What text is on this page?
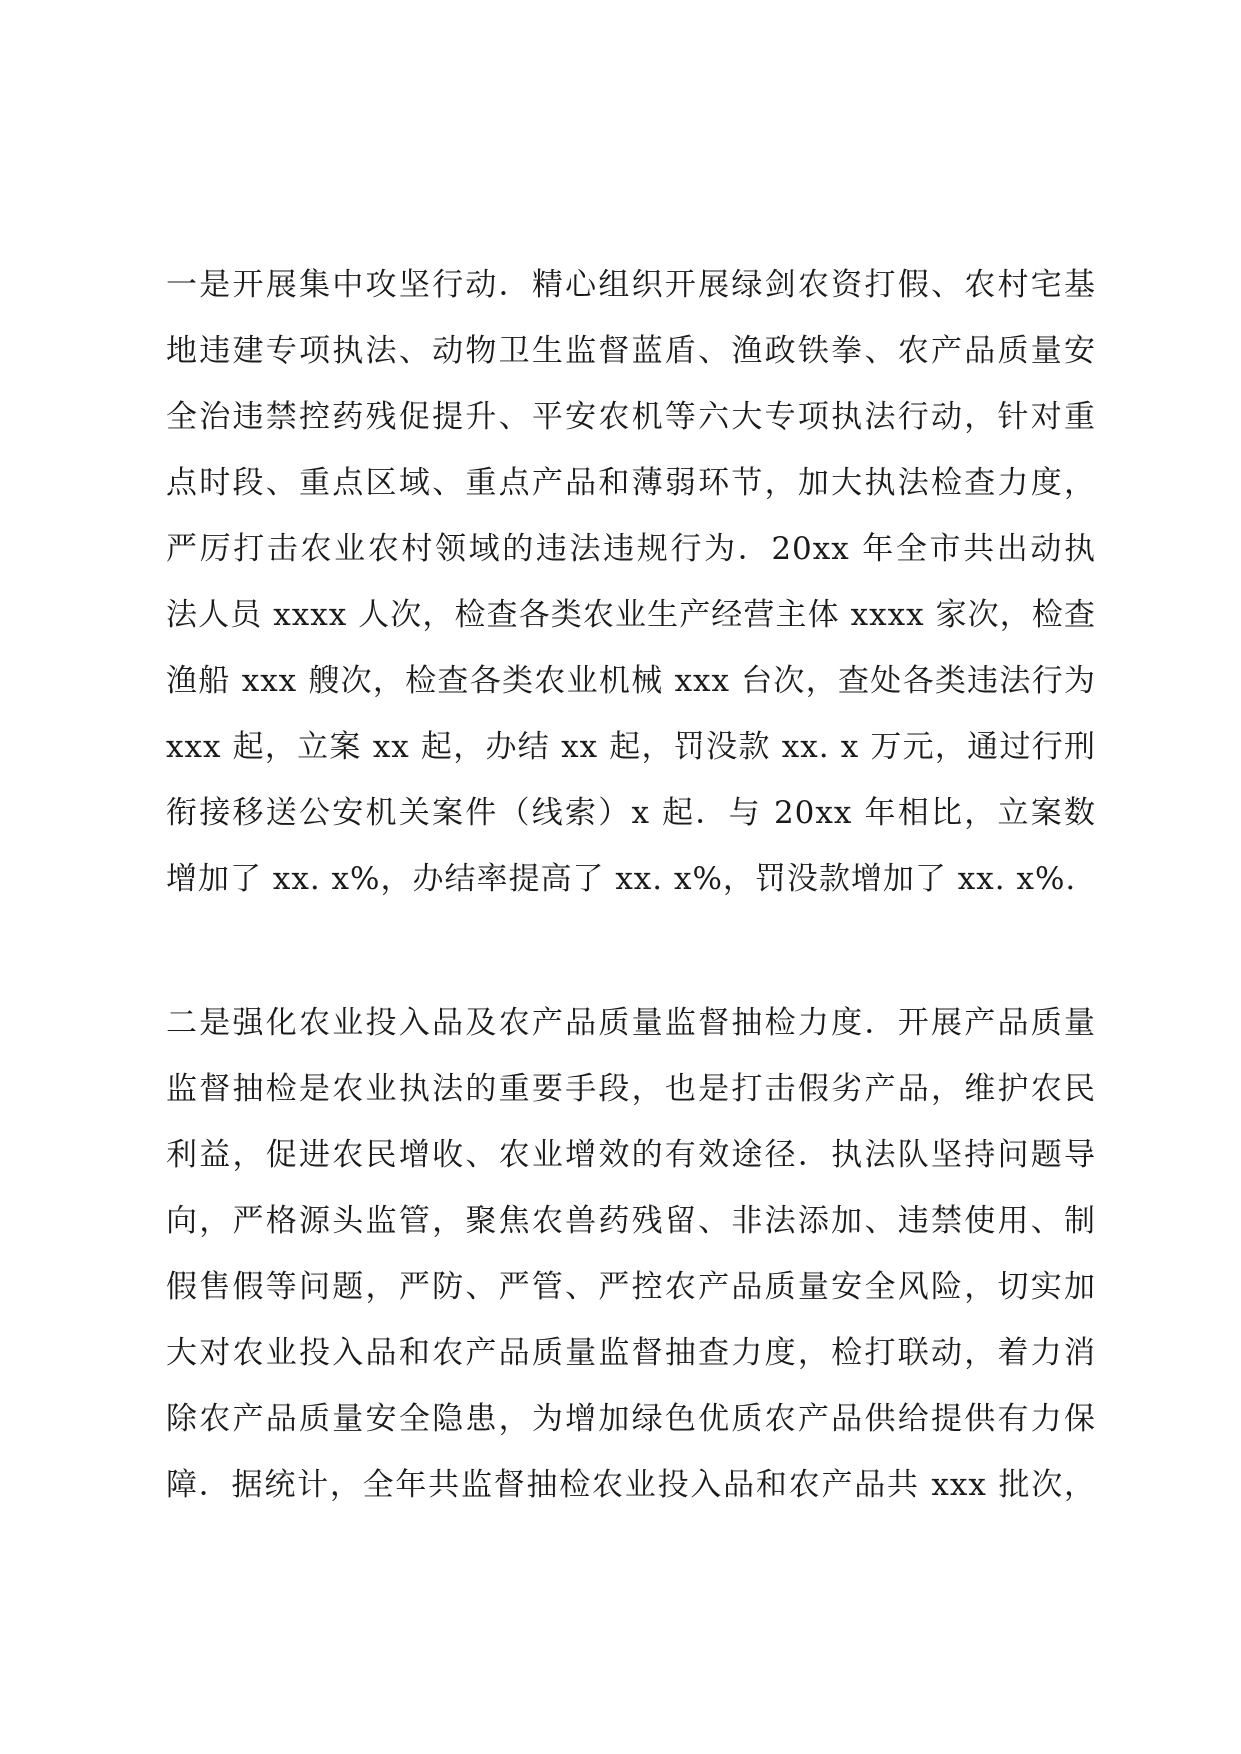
一是开展集中攻坚行动．精心组织开展绿剑农资打假、农村宅基
地违建专项执法、动物卫生监督蓝盾、渔政铁拳、农产品质量安
全治违禁控药残促提升、平安农机等六大专项执法行动，针对重
点时段、重点区域、重点产品和薄弱环节，加大执法检查力度，
严厉打击农业农村领域的违法违规行为．20xx 年全市共出动执
法人员 xxxx 人次，检查各类农业生产经营主体 xxxx 家次，检查
渔船 xxx 艘次，检查各类农业机械 xxx 台次，查处各类违法行为
xxx 起，立案 xx 起，办结 xx 起，罚没款 xx. x 万元，通过行刑
衔接移送公安机关案件（线索）x 起．与 20xx 年相比，立案数
增加了 xx. x%，办结率提高了 xx. x%，罚没款增加了 xx. x%.
二是强化农业投入品及农产品质量监督抽检力度．开展产品质量
监督抽检是农业执法的重要手段，也是打击假劣产品，维护农民
利益，促进农民增收、农业增效的有效途径．执法队坚持问题导
向，严格源头监管，聚焦农兽药残留、非法添加、违禁使用、制
假售假等问题，严防、严管、严控农产品质量安全风险，切实加
大对农业投入品和农产品质量监督抽查力度，检打联动，着力消
除农产品质量安全隐患，为增加绿色优质农产品供给提供有力保
障．据统计，全年共监督抽检农业投入品和农产品共 xxx 批次，
